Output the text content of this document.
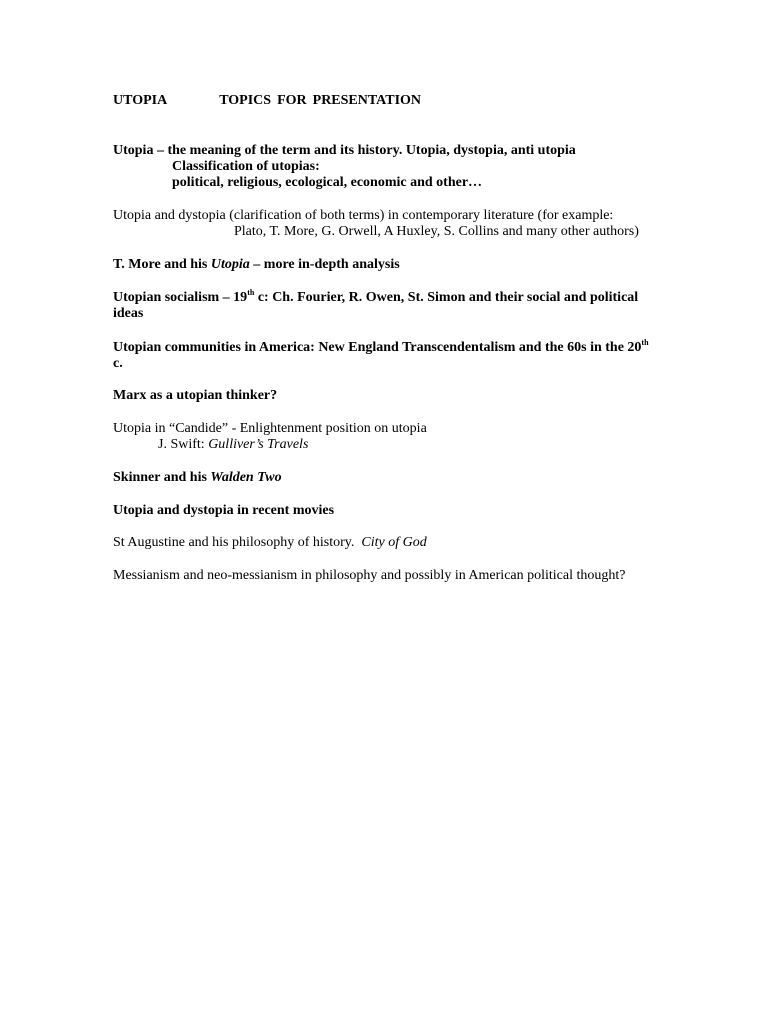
UTOPIA	TOPICS FOR PRESENTATION
Utopia – the meaning of the term and its history. Utopia, dystopia, anti utopia
Classification of utopias:
political, religious, ecological, economic and other…
Utopia and dystopia (clarification of both terms) in contemporary literature (for example:
Plato, T. More, G. Orwell, A Huxley, S. Collins and many other authors)
T. More and his Utopia – more in-depth analysis
Utopian socialism – 19th c: Ch. Fourier, R. Owen, St. Simon and their social and political
ideas
Utopian communities in America: New England Transcendentalism and the 60s in the 20th
c.
Marx as a utopian thinker?
Utopia in “Candide” - Enlightenment position on utopia
J. Swift: Gulliver’s Travels
Skinner and his Walden Two
Utopia and dystopia in recent movies
St Augustine and his philosophy of history.  City of God
Messianism and neo-messianism in philosophy and possibly in American political thought?
